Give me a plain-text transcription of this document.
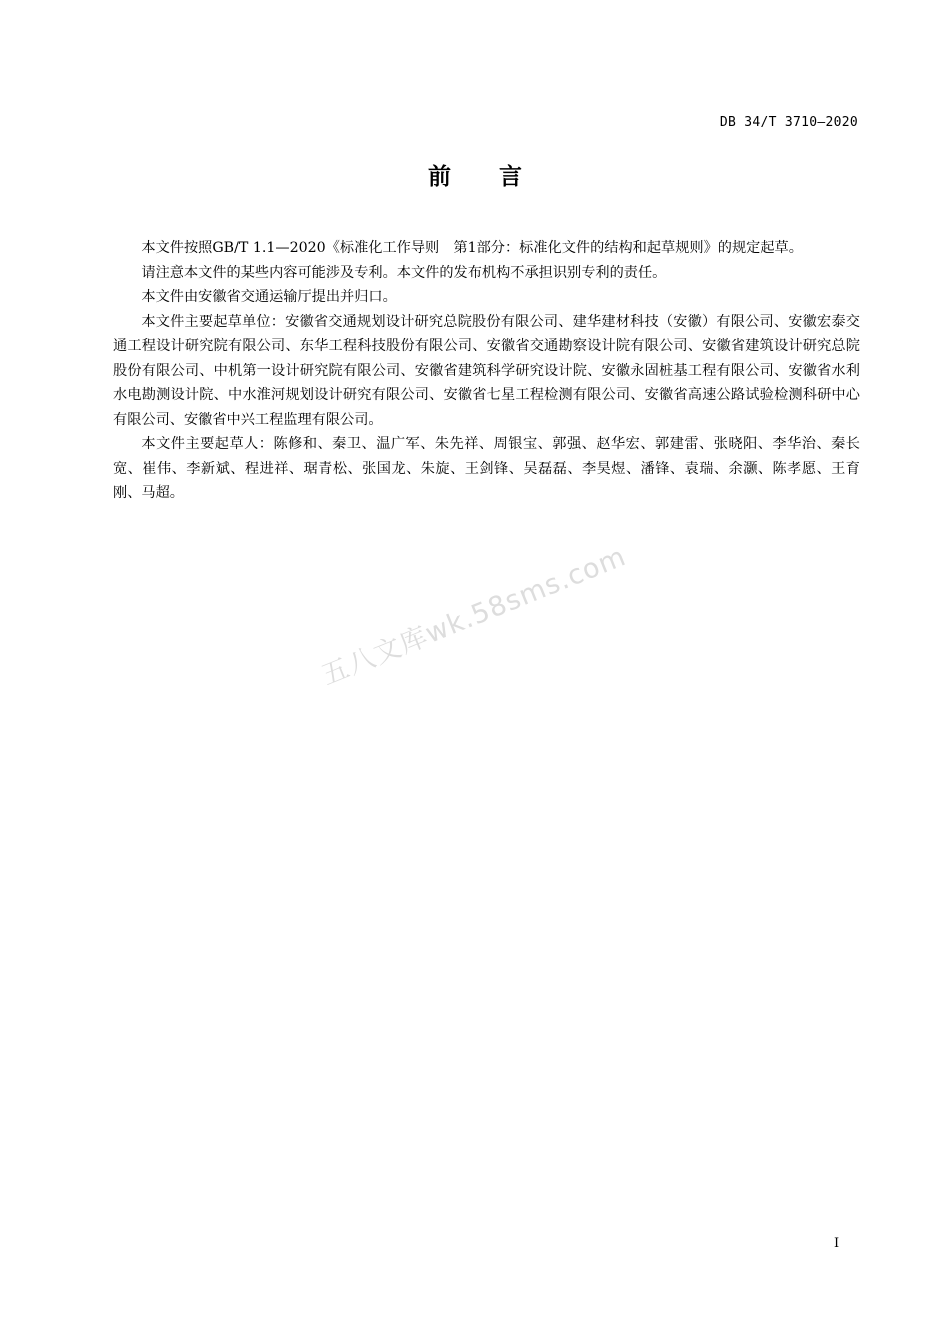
DB 34/T 3710—2020
前言

本文件按照GB/T 1.1—2020《标准化工作导则　第1部分：标准化文件的结构和起草规则》的规定起草。

请注意本文件的某些内容可能涉及专利。本文件的发布机构不承担识别专利的责任。

本文件由安徽省交通运输厅提出并归口。

本文件主要起草单位：安徽省交通规划设计研究总院股份有限公司、建华建材科技（安徽）有限公司、安徽宏泰交通工程设计研究院有限公司、东华工程科技股份有限公司、安徽省交通勘察设计院有限公司、安徽省建筑设计研究总院股份有限公司、中机第一设计研究院有限公司、安徽省建筑科学研究设计院、安徽永固桩基工程有限公司、安徽省水利水电勘测设计院、中水淮河规划设计研究有限公司、安徽省七星工程检测有限公司、安徽省高速公路试验检测科研中心有限公司、安徽省中兴工程监理有限公司。

本文件主要起草人：陈修和、秦卫、温广军、朱先祥、周银宝、郭强、赵华宏、郭建雷、张晓阳、李华治、秦长宽、崔伟、李新斌、程进祥、琚青松、张国龙、朱旋、王剑锋、吴磊磊、李昊煜、潘锋、袁瑞、余灏、陈孝愿、王育刚、马超。

五八文库wk.58sms.com
I
